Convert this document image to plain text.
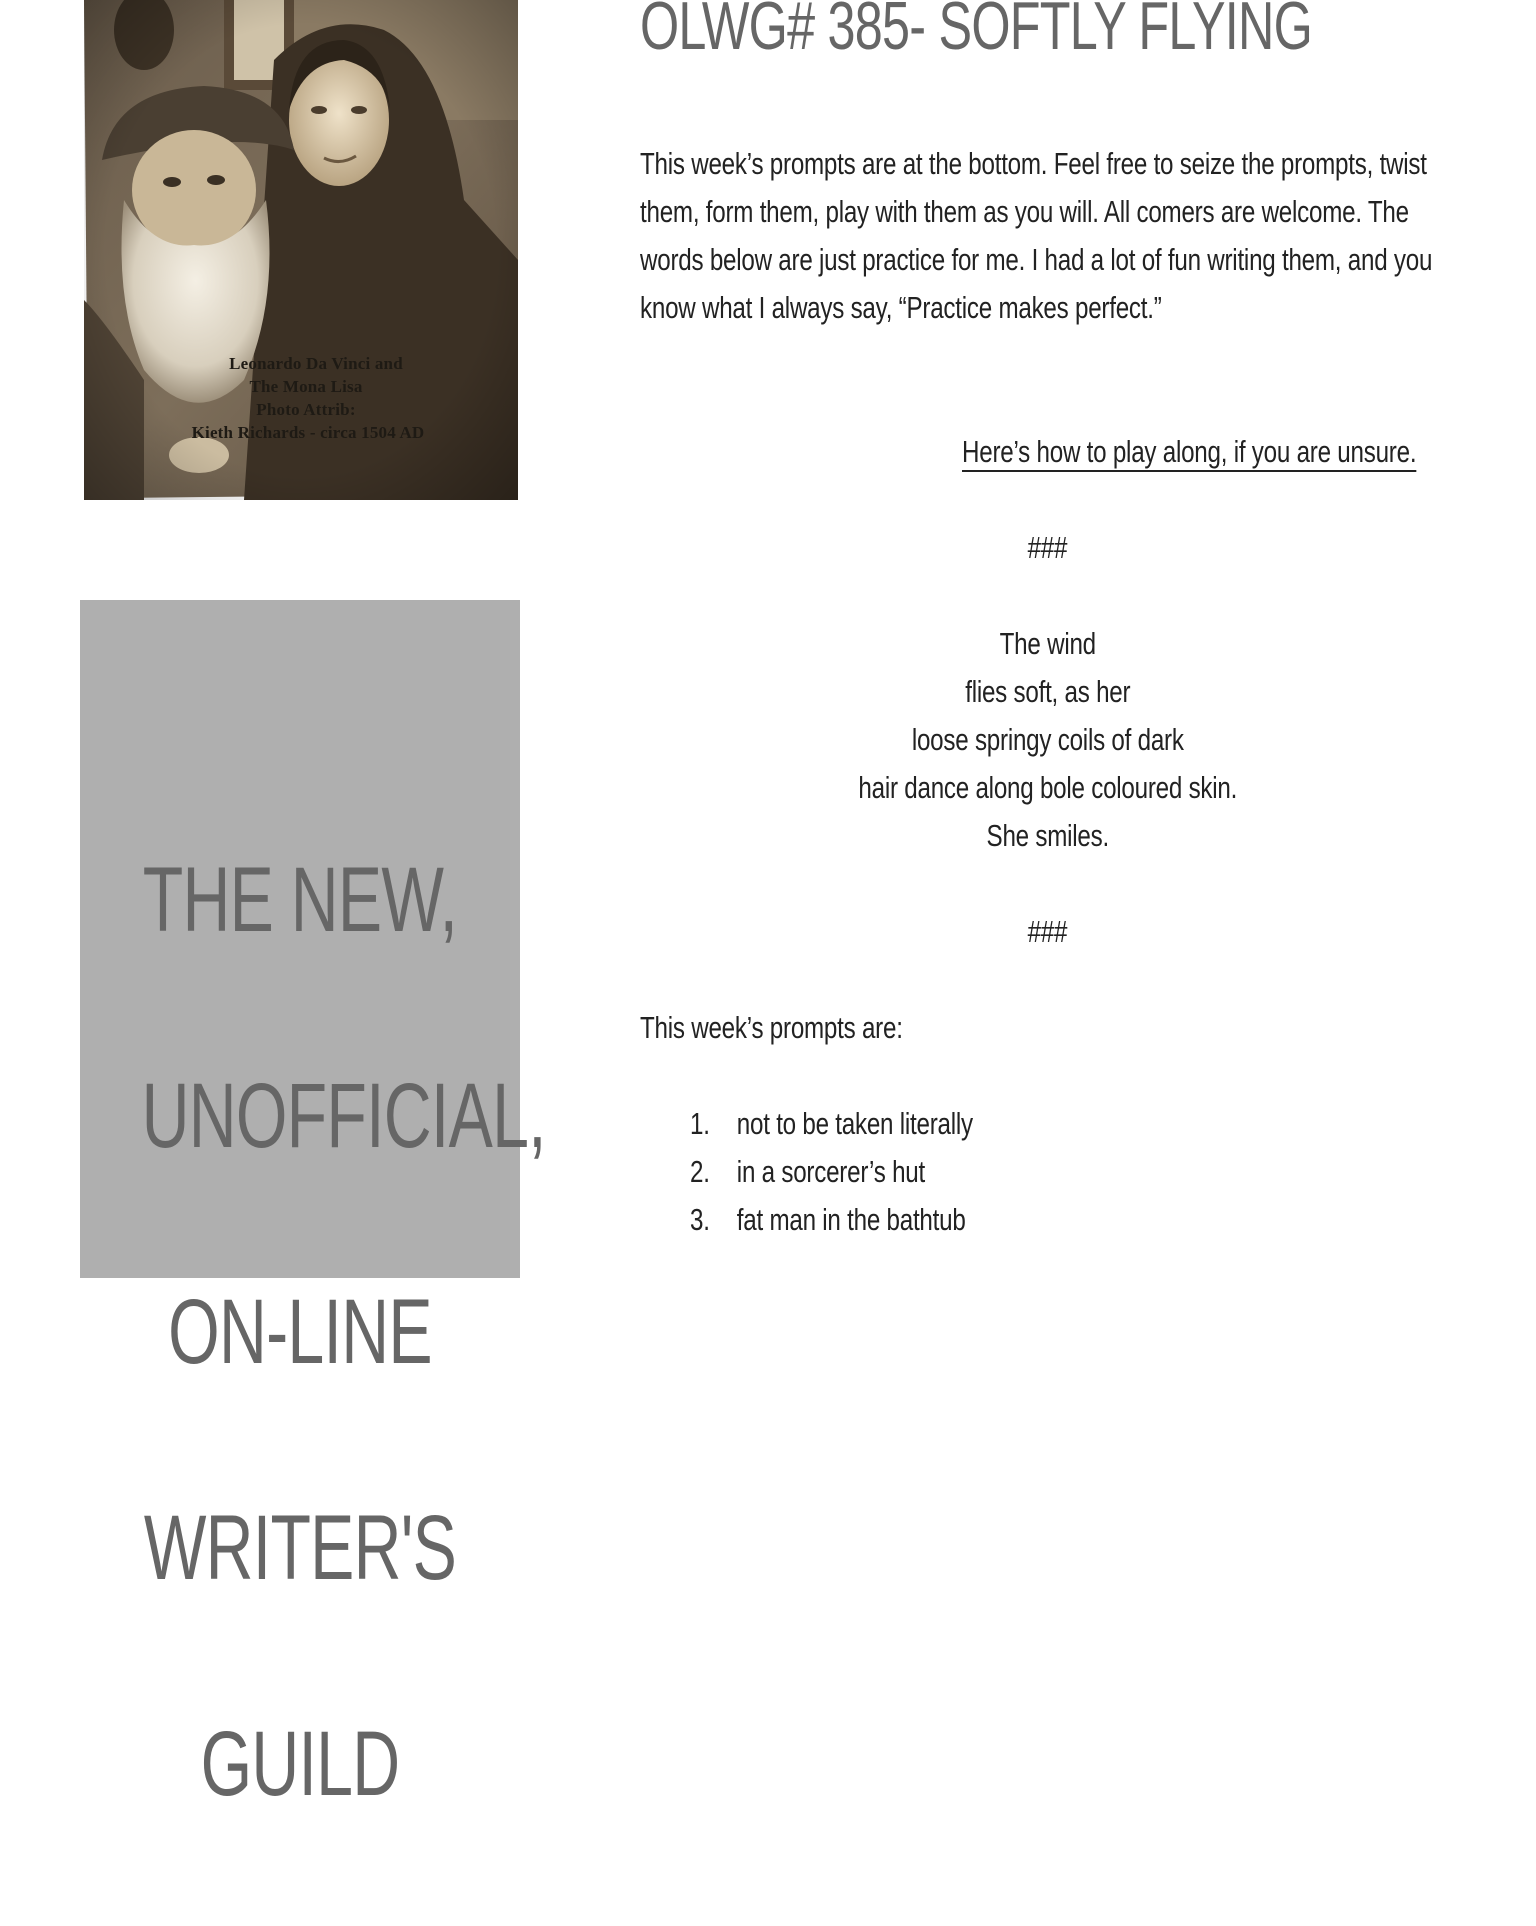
Leonardo Da Vinci and
The Mona Lisa
Photo Attrib:
Kieth Richards - circa 1504 AD

THE NEW,

UNOFFICIAL,

ON-LINE

WRITER'S

GUILD

OLWG# 385- SOFTLY FLYING

This week’s prompts are at the bottom. Feel free to seize the prompts, twist them, form them, play with them as you will. All comers are welcome. The words below are just practice for me. I had a lot of fun writing them, and you know what I always say, “Practice makes perfect.”

Here’s how to play along, if you are unsure.
###
The wind
flies soft, as her
loose springy coils of dark
hair dance along bole coloured skin.
She smiles.
###
This week’s prompts are:
1. not to be taken literally
2. in a sorcerer’s hut
3. fat man in the bathtub
